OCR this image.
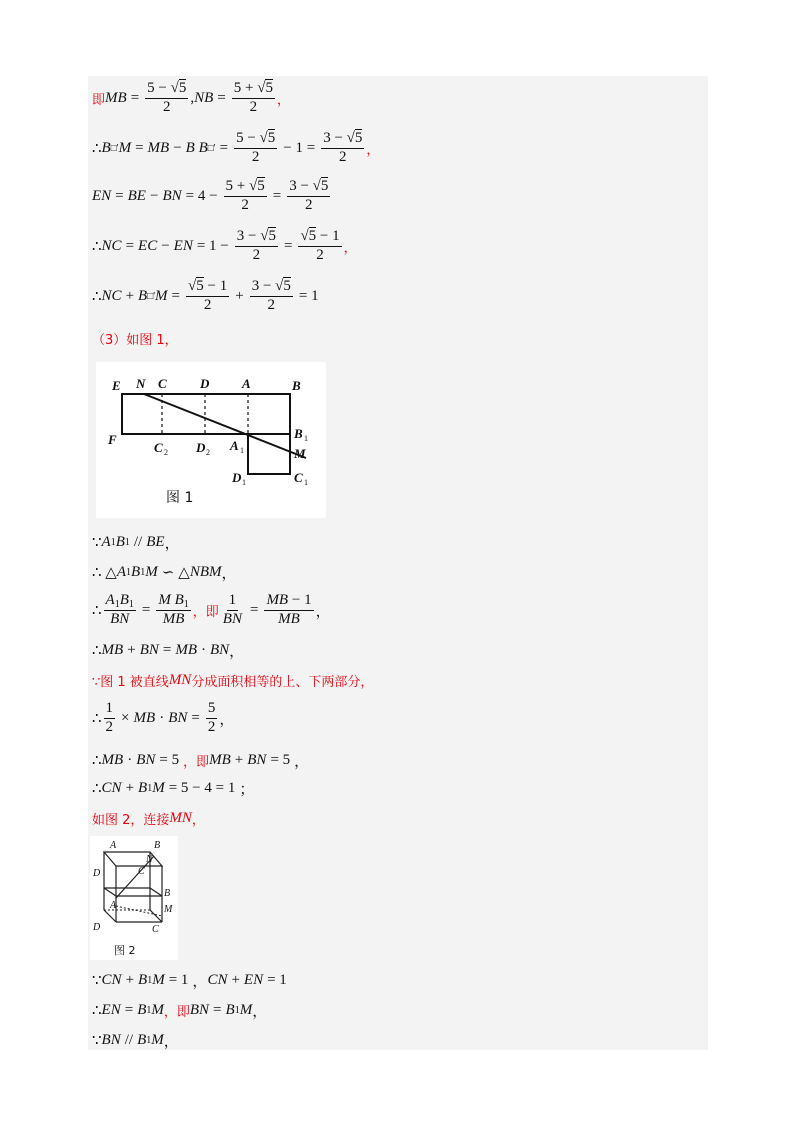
即 MB = $\frac{5 - √5}{2}$ , NB = $\frac{5 + √5}{2}$ ，
∴ B □' M = MB − B B □' = $\frac{5 - √5}{2} - 1 = \frac{3 - √5}{2}$ ，
EN = BE − BN = $4 - \frac{5 + √5}{2} = \frac{3 - √5}{2}$
∴ NC = EC − EN = $1 - \frac{3 - √5}{2} = \frac{√5 - 1}{2}$ ，
∴ NC + B □' $M = \frac{√5 - 1}{2} + \frac{3 - √5}{2} = 1$
（3）如图 1，
E N C	D	A	B
F
C	D A
B
M
D	C
2	2	1
1
1	1
图 1
∵ A 1 B 1 // BE ，
∴ △ A 1 B 1 M ∽ △ NBM ，
∴ $\frac{A_1B_1}{BN} = \frac{M B_1}{MB}$ ，即 $\frac{1}{BN} = \frac{MB - 1}{MB}$ ，
∴ MB + BN = MB · BN ，
∵图 1 被直线 MN 分成面积相等的上、下两部分，
∴ $\frac{1}{2}$ × MB · BN = $\frac{5}{2}$ ，
∴ MB · BN = 5 ，即 MB + BN = 5 ，
∴ CN + B 1 M = 5 − 4 = 1 ；
如图 2，连接 MN ，
A	B
D
N
C
B
A	M
D	C
图 2
∵ CN + B 1 M = 1 ， CN + EN = 1
∴ EN = B 1 M ，即 BN = B 1 M ，
∵ BN // B 1 M ，
